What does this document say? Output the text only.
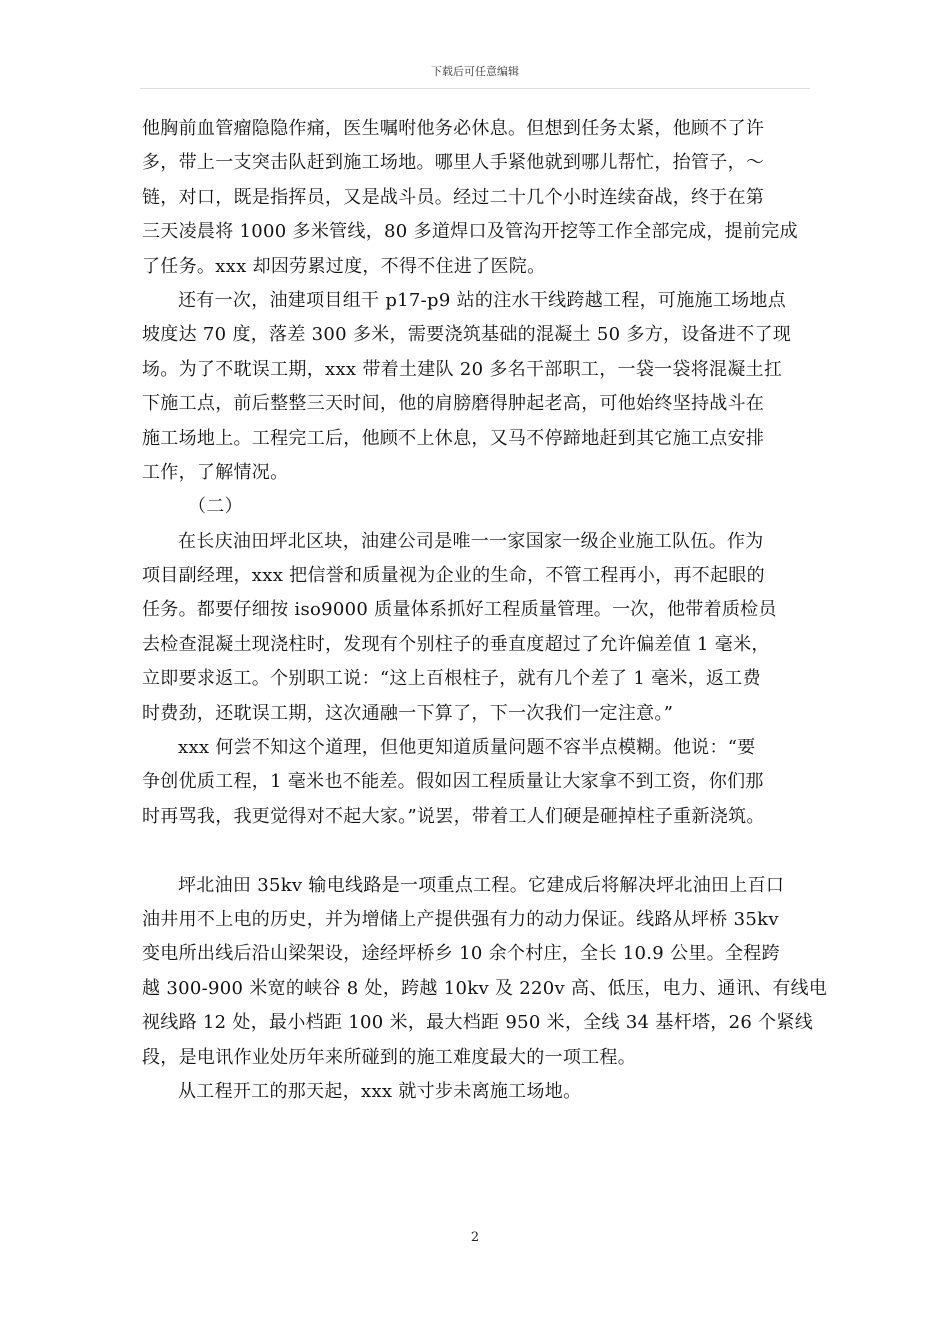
下载后可任意编辑
他胸前血管瘤隐隐作痛，医生嘱咐他务必休息。但想到任务太紧，他顾不了许
多，带上一支突击队赶到施工场地。哪里人手紧他就到哪儿帮忙，抬管子，～
链，对口，既是指挥员，又是战斗员。经过二十几个小时连续奋战，终于在第
三天凌晨将 1000 多米管线，80 多道焊口及管沟开挖等工作全部完成，提前完成
了任务。xxx 却因劳累过度，不得不住进了医院。
还有一次，油建项目组干 p17-p9 站的注水干线跨越工程，可施施工场地点
坡度达 70 度，落差 300 多米，需要浇筑基础的混凝土 50 多方，设备进不了现
场。为了不耽误工期，xxx 带着土建队 20 多名干部职工，一袋一袋将混凝土扛
下施工点，前后整整三天时间，他的肩膀磨得肿起老高，可他始终坚持战斗在
施工场地上。工程完工后，他顾不上休息，又马不停蹄地赶到其它施工点安排
工作，了解情况。
（二）
在长庆油田坪北区块，油建公司是唯一一家国家一级企业施工队伍。作为
项目副经理，xxx 把信誉和质量视为企业的生命，不管工程再小，再不起眼的
任务。都要仔细按 iso9000 质量体系抓好工程质量管理。一次，他带着质检员
去检查混凝土现浇柱时，发现有个别柱子的垂直度超过了允许偏差值 1 毫米，
立即要求返工。个别职工说：“这上百根柱子，就有几个差了 1 毫米，返工费
时费劲，还耽误工期，这次通融一下算了，下一次我们一定注意。”
xxx 何尝不知这个道理，但他更知道质量问题不容半点模糊。他说：“要
争创优质工程，1 毫米也不能差。假如因工程质量让大家拿不到工资，你们那
时再骂我，我更觉得对不起大家。”说罢，带着工人们硬是砸掉柱子重新浇筑。
坪北油田 35kv 输电线路是一项重点工程。它建成后将解决坪北油田上百口
油井用不上电的历史，并为增储上产提供强有力的动力保证。线路从坪桥 35kv
变电所出线后沿山梁架设，途经坪桥乡 10 余个村庄，全长 10.9 公里。全程跨
越 300-900 米宽的峡谷 8 处，跨越 10kv 及 220v 高、低压，电力、通讯、有线电
视线路 12 处，最小档距 100 米，最大档距 950 米，全线 34 基杆塔，26 个紧线
段，是电讯作业处历年来所碰到的施工难度最大的一项工程。
从工程开工的那天起，xxx 就寸步未离施工场地。
2
